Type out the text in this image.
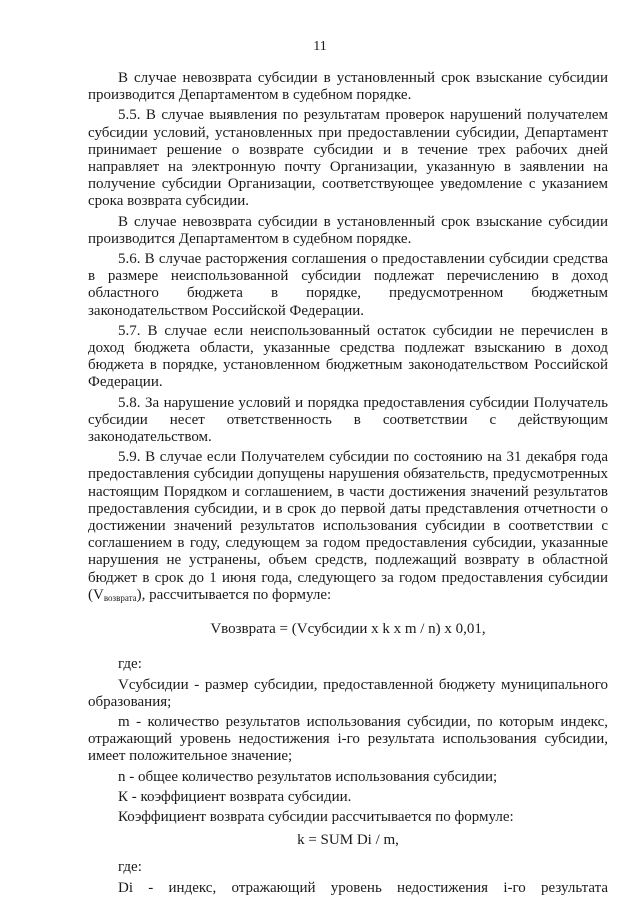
11

В случае невозврата субсидии в установленный срок взыскание субсидии производится Департаментом в судебном порядке.

5.5. В случае выявления по результатам проверок нарушений получателем субсидии условий, установленных при предоставлении субсидии, Департамент принимает решение о возврате субсидии и в течение трех рабочих дней направляет на электронную почту Организации, указанную в заявлении на получение субсидии Организации, соответствующее уведомление с указанием срока возврата субсидии.

В случае невозврата субсидии в установленный срок взыскание субсидии производится Департаментом в судебном порядке.

5.6. В случае расторжения соглашения о предоставлении субсидии средства в размере неиспользованной субсидии подлежат перечислению в доход областного бюджета в порядке, предусмотренном бюджетным законодательством Российской Федерации.

5.7. В случае если неиспользованный остаток субсидии не перечислен в доход бюджета области, указанные средства подлежат взысканию в доход бюджета в порядке, установленном бюджетным законодательством Российской Федерации.

5.8. За нарушение условий и порядка предоставления субсидии Получатель субсидии несет ответственность в соответствии с действующим законодательством.

5.9. В случае если Получателем субсидии по состоянию на 31 декабря года предоставления субсидии допущены нарушения обязательств, предусмотренных настоящим Порядком и соглашением, в части достижения значений результатов предоставления субсидии, и в срок до первой даты представления отчетности о достижении значений результатов использования субсидии в соответствии с соглашением в году, следующем за годом предоставления субсидии, указанные нарушения не устранены, объем средств, подлежащий возврату в областной бюджет в срок до 1 июня года, следующего за годом предоставления субсидии (Vвозврата), рассчитывается по формуле:

Vвозврата = (Vсубсидии x k x m / n) x 0,01,

где:

Vсубсидии - размер субсидии, предоставленной бюджету муниципального образования;

m - количество результатов использования субсидии, по которым индекс, отражающий уровень недостижения i-го результата использования субсидии, имеет положительное значение;

n - общее количество результатов использования субсидии;

К - коэффициент возврата субсидии.

Коэффициент возврата субсидии рассчитывается по формуле:

k = SUM Di / m,

где:

Di - индекс, отражающий уровень недостижения i-го результата
